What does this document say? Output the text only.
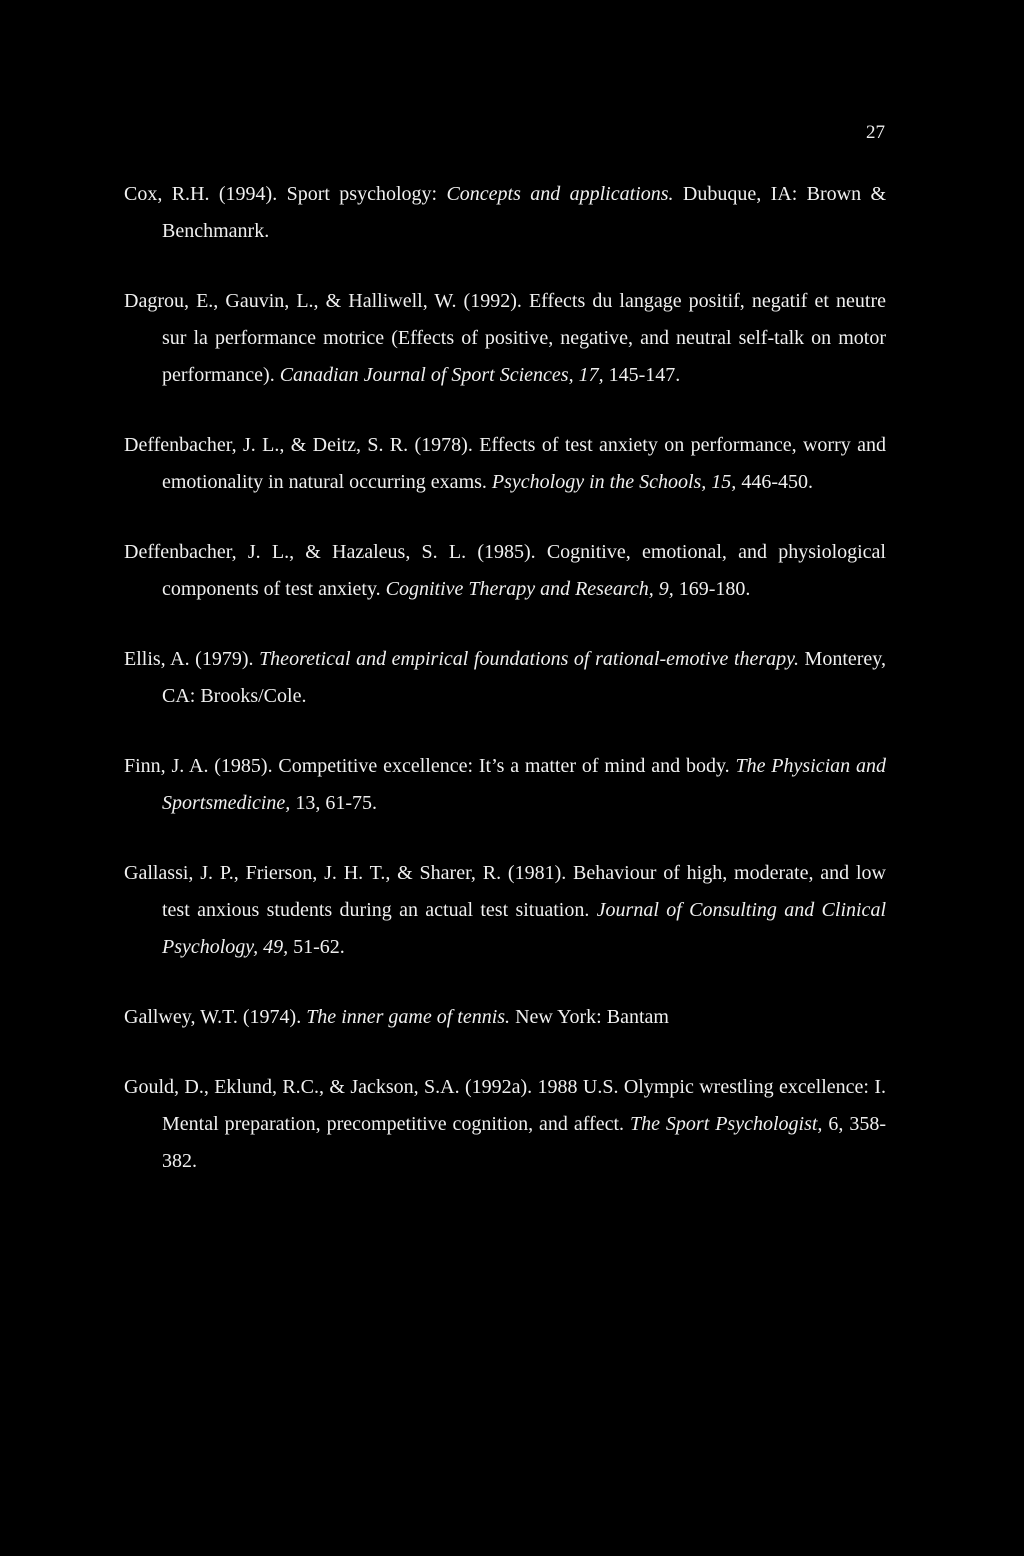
27

Cox, R.H. (1994). Sport psychology: Concepts and applications. Dubuque, IA: Brown & Benchmanrk.

Dagrou, E., Gauvin, L., & Halliwell, W. (1992). Effects du langage positif, negatif et neutre sur la performance motrice (Effects of positive, negative, and neutral self-talk on motor performance). Canadian Journal of Sport Sciences, 17, 145-147.

Deffenbacher, J. L., & Deitz, S. R. (1978). Effects of test anxiety on performance, worry and emotionality in natural occurring exams. Psychology in the Schools, 15, 446-450.

Deffenbacher, J. L., & Hazaleus, S. L. (1985). Cognitive, emotional, and physiological components of test anxiety. Cognitive Therapy and Research, 9, 169-180.

Ellis, A. (1979). Theoretical and empirical foundations of rational-emotive therapy. Monterey, CA: Brooks/Cole.

Finn, J. A. (1985). Competitive excellence: It’s a matter of mind and body. The Physician and Sportsmedicine, 13, 61-75.

Gallassi, J. P., Frierson, J. H. T., & Sharer, R. (1981). Behaviour of high, moderate, and low test anxious students during an actual test situation. Journal of Consulting and Clinical Psychology, 49, 51-62.

Gallwey, W.T. (1974). The inner game of tennis. New York: Bantam

Gould, D., Eklund, R.C., & Jackson, S.A. (1992a). 1988 U.S. Olympic wrestling excellence: I. Mental preparation, precompetitive cognition, and affect. The Sport Psychologist, 6, 358-382.
